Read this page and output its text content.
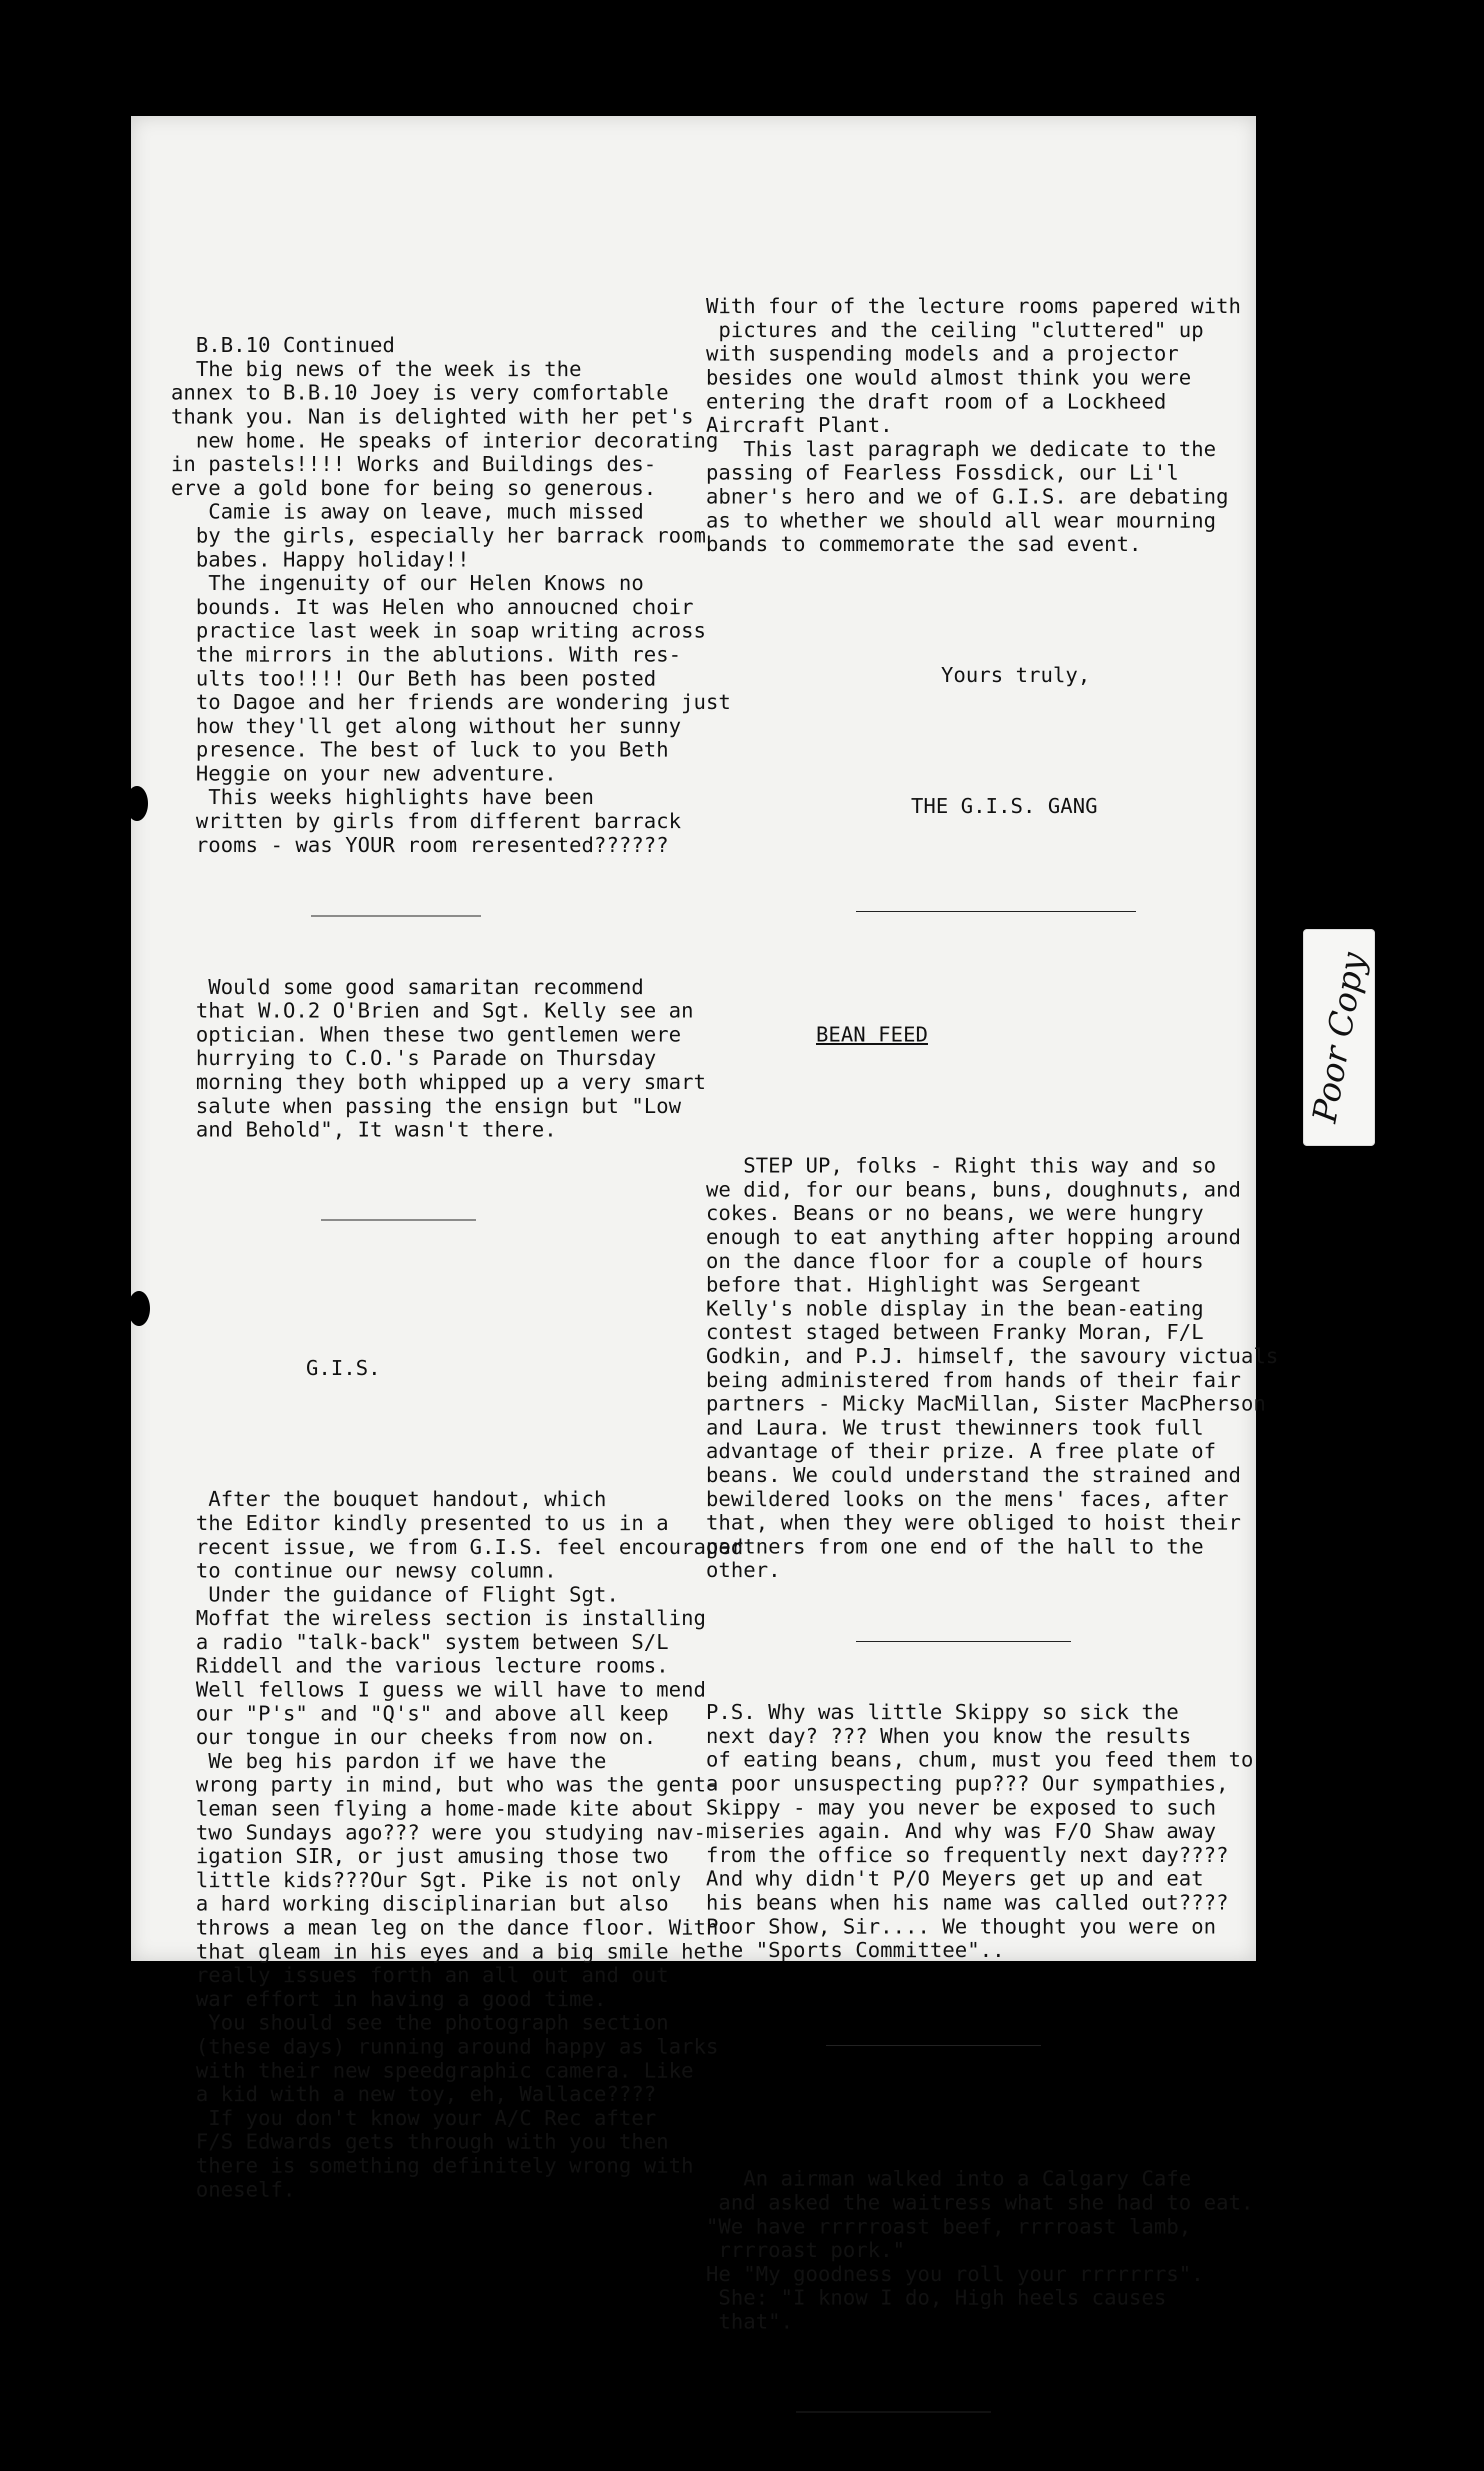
B.B.10 Continued
The big news of the week is the
annex to B.B.10 Joey is very comfortable
thank you. Nan is delighted with her pet's
new home. He speaks of interior decorating
in pastels!!!! Works and Buildings des-
erve a gold bone for being so generous.
Camie is away on leave, much missed
by the girls, especially her barrack room
babes. Happy holiday!!
The ingenuity of our Helen Knows no
bounds. It was Helen who annoucned choir
practice last week in soap writing across
the mirrors in the ablutions. With res-
ults too!!!! Our Beth has been posted
to Dagoe and her friends are wondering just
how they'll get along without her sunny
presence. The best of luck to you Beth
Heggie on your new adventure.
This weeks highlights have been
written by girls from different barrack
rooms - was YOUR room reresented??????

Would some good samaritan recommend
that W.O.2 O'Brien and Sgt. Kelly see an
optician. When these two gentlemen were
hurrying to C.O.'s Parade on Thursday
morning they both whipped up a very smart
salute when passing the ensign but "Low
and Behold", It wasn't there.

G.I.S.

After the bouquet handout, which
the Editor kindly presented to us in a
recent issue, we from G.I.S. feel encouraged
to continue our newsy column.
Under the guidance of Flight Sgt.
Moffat the wireless section is installing
a radio "talk-back" system between S/L
Riddell and the various lecture rooms.
Well fellows I guess we will have to mend
our "P's" and "Q's" and above all keep
our tongue in our cheeks from now on.
We beg his pardon if we have the
wrong party in mind, but who was the gent-
leman seen flying a home-made kite about
two Sundays ago??? were you studying nav-
igation SIR, or just amusing those two
little kids???Our Sgt. Pike is not only
a hard working disciplinarian but also
throws a mean leg on the dance floor. With
that gleam in his eyes and a big smile he
really issues forth an all out and out
war effort in having a good time.
You should see the photograph section
(these days) running around happy as larks
with their new speedgraphic camera. Like
a kid with a new toy, eh, Wallace????
If you don't know your A/C Rec after
F/S Edwards gets through with you then
there is something definitely wrong with
oneself.

With four of the lecture rooms papered with
pictures and the ceiling "cluttered" up
with suspending models and a projector
besides one would almost think you were
entering the draft room of a Lockheed
Aircraft Plant.
This last paragraph we dedicate to the
passing of Fearless Fossdick, our Li'l
abner's hero and we of G.I.S. are debating
as to whether we should all wear mourning
bands to commemorate the sad event.

Yours truly,

THE G.I.S. GANG

BEAN FEED

STEP UP, folks - Right this way and so
we did, for our beans, buns, doughnuts, and
cokes. Beans or no beans, we were hungry
enough to eat anything after hopping around
on the dance floor for a couple of hours
before that. Highlight was Sergeant
Kelly's noble display in the bean-eating
contest staged between Franky Moran, F/L
Godkin, and P.J. himself, the savoury victuals
being administered from hands of their fair
partners - Micky MacMillan, Sister MacPherson
and Laura. We trust thewinners took full
advantage of their prize. A free plate of
beans. We could understand the strained and
bewildered looks on the mens' faces, after
that, when they were obliged to hoist their
partners from one end of the hall to the
other.

P.S. Why was little Skippy so sick the
next day? ??? When you know the results
of eating beans, chum, must you feed them to
a poor unsuspecting pup??? Our sympathies,
Skippy - may you never be exposed to such
miseries again. And why was F/O Shaw away
from the office so frequently next day????
And why didn't P/O Meyers get up and eat
his beans when his name was called out????
Poor Show, Sir.... We thought you were on
the "Sports Committee"..

An airman walked into a Calgary Cafe
and asked the waitress what she had to eat.
"We have rrrrroast beef, rrrroast lamb,
rrrroast pork."
He "My goodness you roll your rrrrrrrs".
She: "I know I do, High heels causes
that".

Poor Copy
